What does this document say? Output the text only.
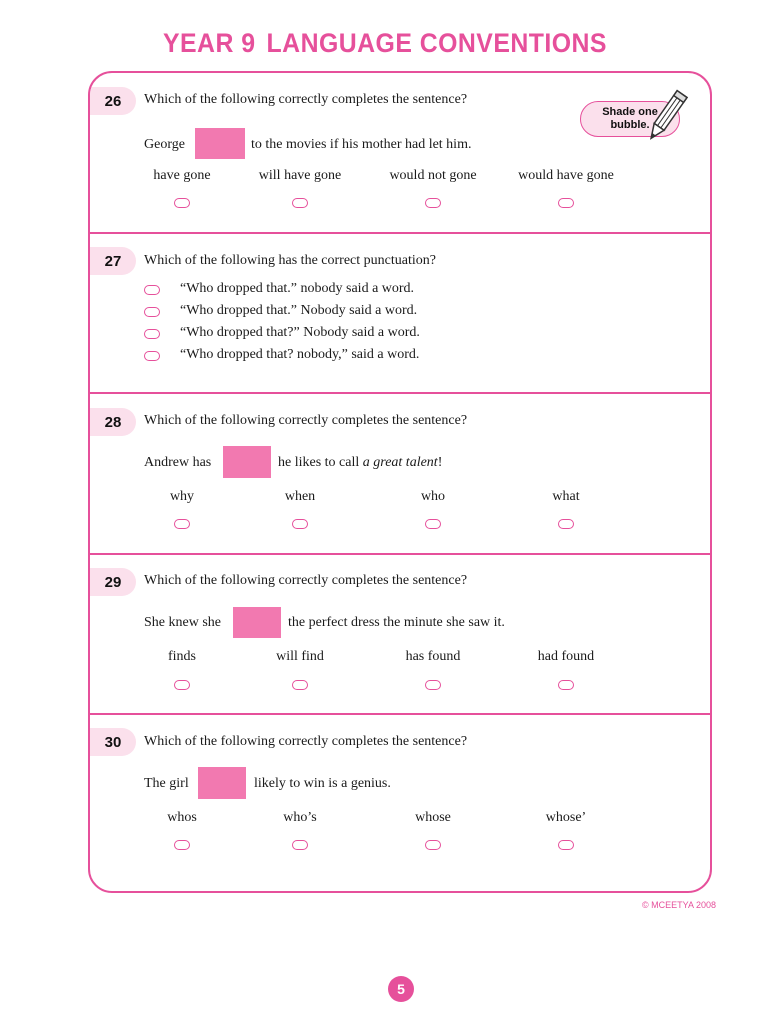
YEAR 9 LANGUAGE CONVENTIONS
26	Which of the following correctly completes the sentence?
Shade one
bubble.
George	to the movies if his mother had let him.
have gone	will have gone	would not gone	would have gone
27	Which of the following has the correct punctuation?
“Who dropped that.” nobody said a word.
“Who dropped that.” Nobody said a word.
“Who dropped that?” Nobody said a word.
“Who dropped that? nobody,” said a word.
28	Which of the following correctly completes the sentence?
Andrew has	he likes to call a great talent!
why	when	who	what
29	Which of the following correctly completes the sentence?
She knew she	the perfect dress the minute she saw it.
finds	will find	has found	had found
30	Which of the following correctly completes the sentence?
The girl	likely to win is a genius.
whos	who’s	whose	whose’
© MCEETYA 2008
5
